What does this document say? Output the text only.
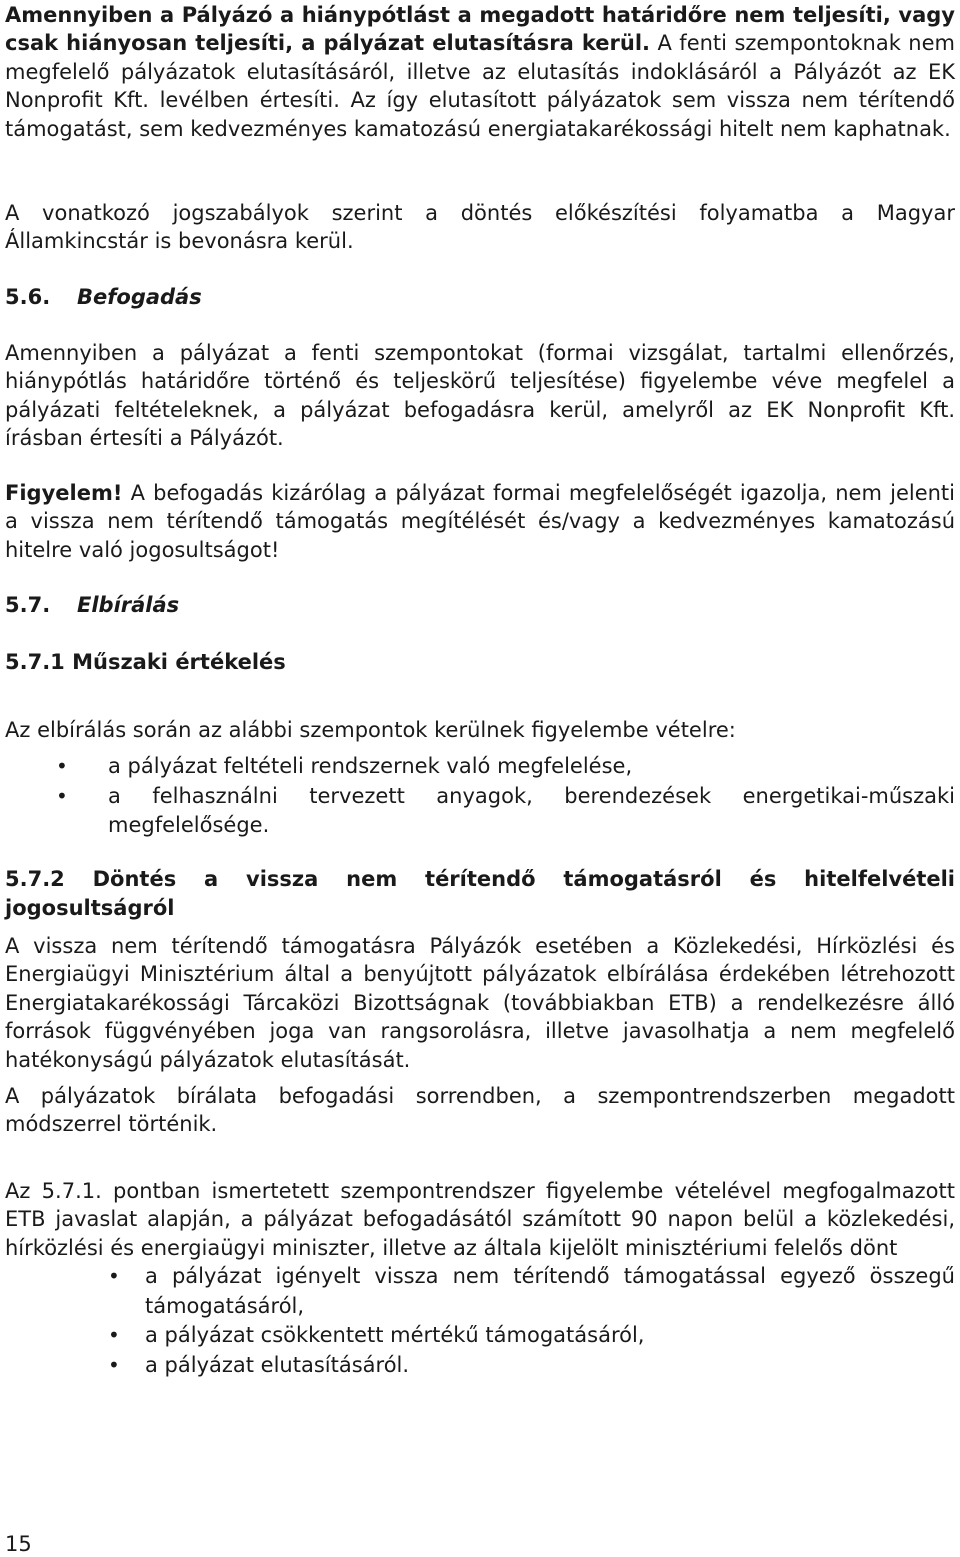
Amennyiben a Pályázó a hiánypótlást a megadott határidőre nem teljesíti, vagy csak hiányosan teljesíti, a pályázat elutasításra kerül. A fenti szempontoknak nem megfelelő pályázatok elutasításáról, illetve az elutasítás indoklásáról a Pályázót az EK Nonprofit Kft. levélben értesíti. Az így elutasított pályázatok sem vissza nem térítendő támogatást, sem kedvezményes kamatozású energiatakarékossági hitelt nem kaphatnak.

A vonatkozó jogszabályok szerint a döntés előkészítési folyamatba a Magyar Államkincstár is bevonásra kerül.

5.6. Befogadás

Amennyiben a pályázat a fenti szempontokat (formai vizsgálat, tartalmi ellenőrzés, hiánypótlás határidőre történő és teljeskörű teljesítése) figyelembe véve megfelel a pályázati feltételeknek, a pályázat befogadásra kerül, amelyről az EK Nonprofit Kft. írásban értesíti a Pályázót.

Figyelem! A befogadás kizárólag a pályázat formai megfelelőségét igazolja, nem jelenti a vissza nem térítendő támogatás megítélését és/vagy a kedvezményes kamatozású hitelre való jogosultságot!

5.7. Elbírálás
5.7.1 Műszaki értékelés

Az elbírálás során az alábbi szempontok kerülnek figyelembe vételre:

• a pályázat feltételi rendszernek való megfelelése,
• a felhasználni tervezett anyagok, berendezések energetikai-műszaki megfelelősége.
5.7.2 Döntés a vissza nem térítendő támogatásról és hitelfelvételi jogosultságról

A vissza nem térítendő támogatásra Pályázók esetében a Közlekedési, Hírközlési és Energiaügyi Minisztérium által a benyújtott pályázatok elbírálása érdekében létrehozott Energiatakarékossági Tárcaközi Bizottságnak (továbbiakban ETB) a rendelkezésre álló források függvényében joga van rangsorolásra, illetve javasolhatja a nem megfelelő hatékonyságú pályázatok elutasítását.

A pályázatok bírálata befogadási sorrendben, a szempontrendszerben megadott módszerrel történik.

Az 5.7.1. pontban ismertetett szempontrendszer figyelembe vételével megfogalmazott ETB javaslat alapján, a pályázat befogadásától számított 90 napon belül a közlekedési, hírközlési és energiaügyi miniszter, illetve az általa kijelölt minisztériumi felelős dönt

• a pályázat igényelt vissza nem térítendő támogatással egyező összegű támogatásáról,
• a pályázat csökkentett mértékű támogatásáról,
• a pályázat elutasításáról.
15
